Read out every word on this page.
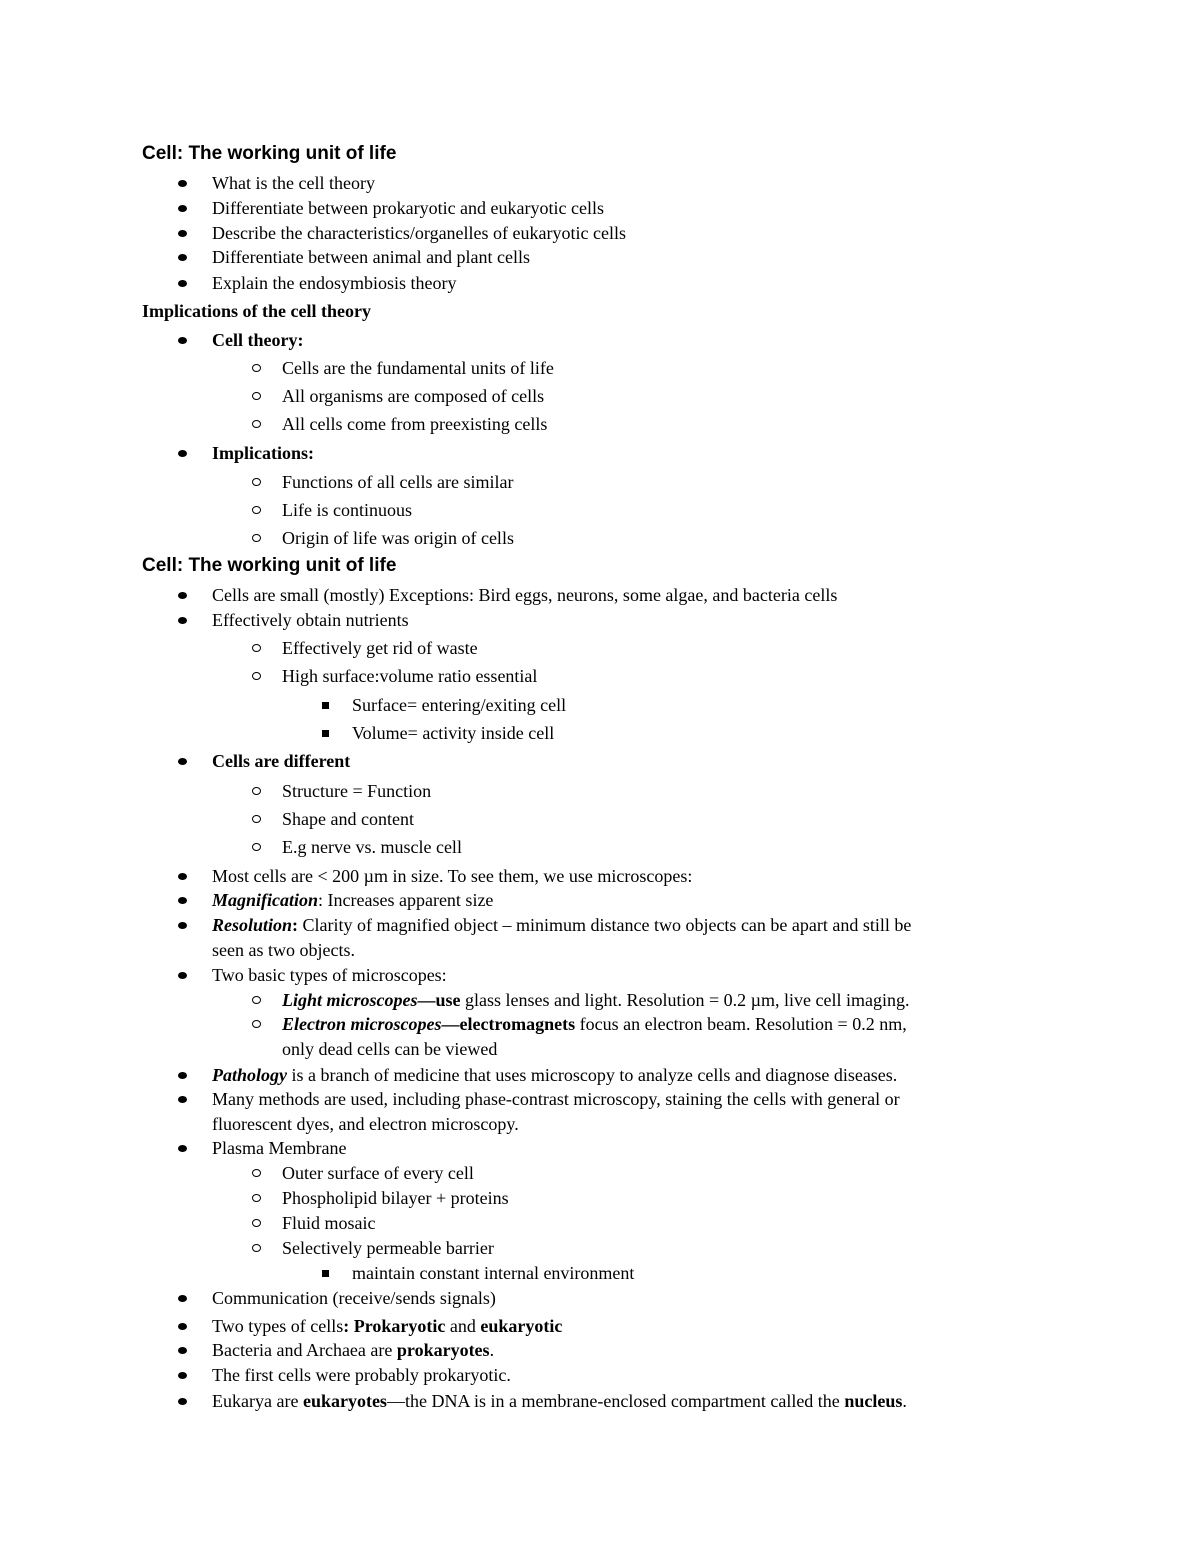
Cell: The working unit of life
What is the cell theory
Differentiate between prokaryotic and eukaryotic cells
Describe the characteristics/organelles of eukaryotic cells
Differentiate between animal and plant cells
Explain the endosymbiosis theory
Implications of the cell theory
Cell theory:
Cells are the fundamental units of life
All organisms are composed of cells
All cells come from preexisting cells
Implications:
Functions of all cells are similar
Life is continuous
Origin of life was origin of cells
Cell: The working unit of life
Cells are small (mostly) Exceptions: Bird eggs, neurons, some algae, and bacteria cells
Effectively obtain nutrients
Effectively get rid of waste
High surface:volume ratio essential
Surface= entering/exiting cell
Volume= activity inside cell
Cells are different
Structure = Function
Shape and content
E.g nerve vs. muscle cell
Most cells are < 200 µm in size. To see them, we use microscopes:
Magnification: Increases apparent size
Resolution: Clarity of magnified object – minimum distance two objects can be apart and still be
seen as two objects.
Two basic types of microscopes:
Light microscopes—use glass lenses and light. Resolution = 0.2 µm, live cell imaging.
Electron microscopes—electromagnets focus an electron beam. Resolution = 0.2 nm,
only dead cells can be viewed
Pathology is a branch of medicine that uses microscopy to analyze cells and diagnose diseases.
Many methods are used, including phase-contrast microscopy, staining the cells with general or
fluorescent dyes, and electron microscopy.
Plasma Membrane
Outer surface of every cell
Phospholipid bilayer + proteins
Fluid mosaic
Selectively permeable barrier
maintain constant internal environment
Communication (receive/sends signals)
Two types of cells: Prokaryotic and eukaryotic
Bacteria and Archaea are prokaryotes.
The first cells were probably prokaryotic.
Eukarya are eukaryotes—the DNA is in a membrane-enclosed compartment called the nucleus.
